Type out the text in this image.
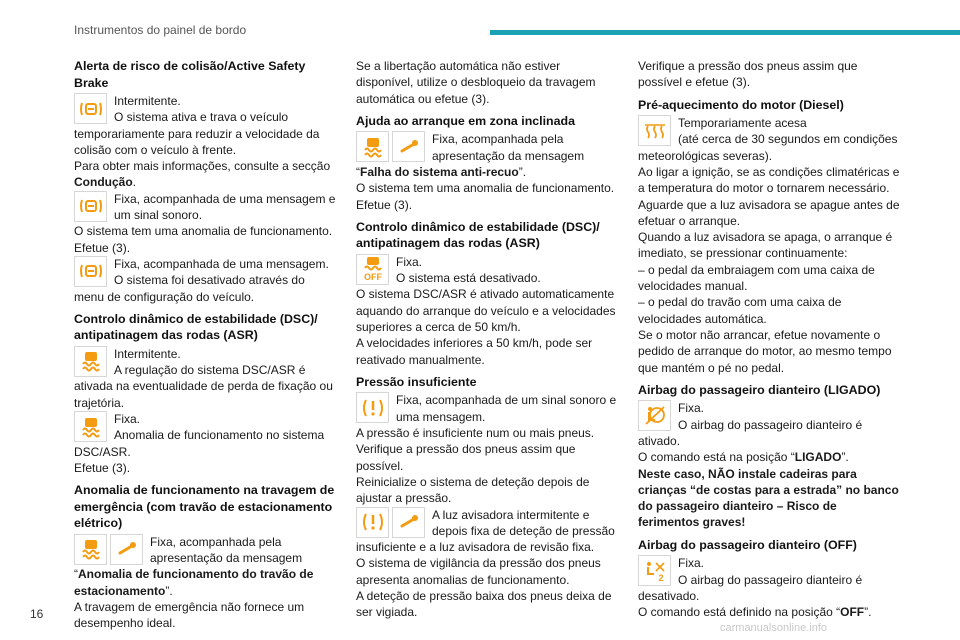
Instrumentos do painel de bordo
Alerta de risco de colisão/Active Safety Brake
Intermitente.
O sistema ativa e trava o veículo temporariamente para reduzir a velocidade da colisão com o veículo à frente.
Para obter mais informações, consulte a secção Condução.
Fixa, acompanhada de uma mensagem e um sinal sonoro.
O sistema tem uma anomalia de funcionamento. Efetue (3).
Fixa, acompanhada de uma mensagem.
O sistema foi desativado através do menu de configuração do veículo.
Controlo dinâmico de estabilidade (DSC)/ antipatinagem das rodas (ASR)
Intermitente.
A regulação do sistema DSC/ASR é ativada na eventualidade de perda de fixação ou trajetória.
Fixa.
Anomalia de funcionamento no sistema DSC/ASR.
Efetue (3).
Anomalia de funcionamento na travagem de emergência (com travão de estacionamento elétrico)
Fixa, acompanhada pela apresentação da mensagem “Anomalia de funcionamento do travão de estacionamento”.
A travagem de emergência não fornece um desempenho ideal.

Se a libertação automática não estiver disponível, utilize o desbloqueio da travagem automática ou efetue (3).

Ajuda ao arranque em zona inclinada
Fixa, acompanhada pela apresentação da mensagem “Falha do sistema anti-recuo”.
O sistema tem uma anomalia de funcionamento. Efetue (3).
Controlo dinâmico de estabilidade (DSC)/ antipatinagem das rodas (ASR)
OFF
Fixa.
O sistema está desativado.
O sistema DSC/ASR é ativado automaticamente aquando do arranque do veículo e a velocidades superiores a cerca de 50 km/h.
A velocidades inferiores a 50 km/h, pode ser reativado manualmente.
Pressão insuficiente
Fixa, acompanhada de um sinal sonoro e uma mensagem.
A pressão é insuficiente num ou mais pneus.
Verifique a pressão dos pneus assim que possível.
Reinicialize o sistema de deteção depois de ajustar a pressão.
A luz avisadora intermitente e depois fixa de deteção de pressão insuficiente e a luz avisadora de revisão fixa.
O sistema de vigilância da pressão dos pneus apresenta anomalias de funcionamento.
A deteção de pressão baixa dos pneus deixa de ser vigiada.

Verifique a pressão dos pneus assim que possível e efetue (3).

Pré-aquecimento do motor (Diesel)
Temporariamente acesa
(até cerca de 30 segundos em condições meteorológicas severas).

Ao ligar a ignição, se as condições climatéricas e a temperatura do motor o tornarem necessário. Aguarde que a luz avisadora se apague antes de efetuar o arranque.

Quando a luz avisadora se apaga, o arranque é imediato, se pressionar continuamente:

– o pedal da embraiagem com uma caixa de velocidades manual.

– o pedal do travão com uma caixa de velocidades automática.

Se o motor não arrancar, efetue novamente o pedido de arranque do motor, ao mesmo tempo que mantém o pé no pedal.

Airbag do passageiro dianteiro (LIGADO)
Fixa.
O airbag do passageiro dianteiro é ativado.
O comando está na posição “LIGADO”.

Neste caso, NÃO instale cadeiras para crianças “de costas para a estrada” no banco do passageiro dianteiro – Risco de ferimentos graves!

Airbag do passageiro dianteiro (OFF)
2
Fixa.
O airbag do passageiro dianteiro é desativado.
O comando está definido na posição “OFF”.
16
carmanualsonline.info
